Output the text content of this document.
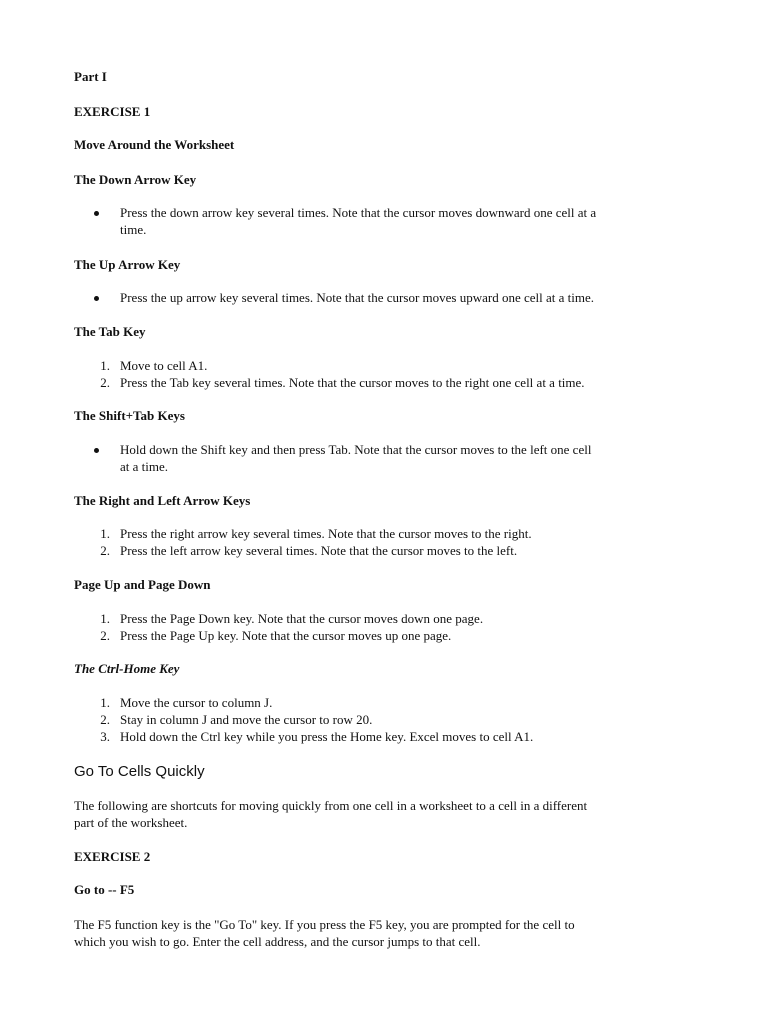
Part I
EXERCISE 1
Move Around the Worksheet
The Down Arrow Key
Press the down arrow key several times. Note that the cursor moves downward one cell at a
time.
The Up Arrow Key
Press the up arrow key several times. Note that the cursor moves upward one cell at a time.
The Tab Key
1. Move to cell A1.
2. Press the Tab key several times. Note that the cursor moves to the right one cell at a time.
The Shift+Tab Keys
Hold down the Shift key and then press Tab. Note that the cursor moves to the left one cell
at a time.
The Right and Left Arrow Keys
1. Press the right arrow key several times. Note that the cursor moves to the right.
2. Press the left arrow key several times. Note that the cursor moves to the left.
Page Up and Page Down
1. Press the Page Down key. Note that the cursor moves down one page.
2. Press the Page Up key. Note that the cursor moves up one page.
The Ctrl-Home Key
1. Move the cursor to column J.
2. Stay in column J and move the cursor to row 20.
3. Hold down the Ctrl key while you press the Home key. Excel moves to cell A1.
Go To Cells Quickly
The following are shortcuts for moving quickly from one cell in a worksheet to a cell in a different
part of the worksheet.
EXERCISE 2
Go to -- F5
The F5 function key is the "Go To" key. If you press the F5 key, you are prompted for the cell to
which you wish to go. Enter the cell address, and the cursor jumps to that cell.
